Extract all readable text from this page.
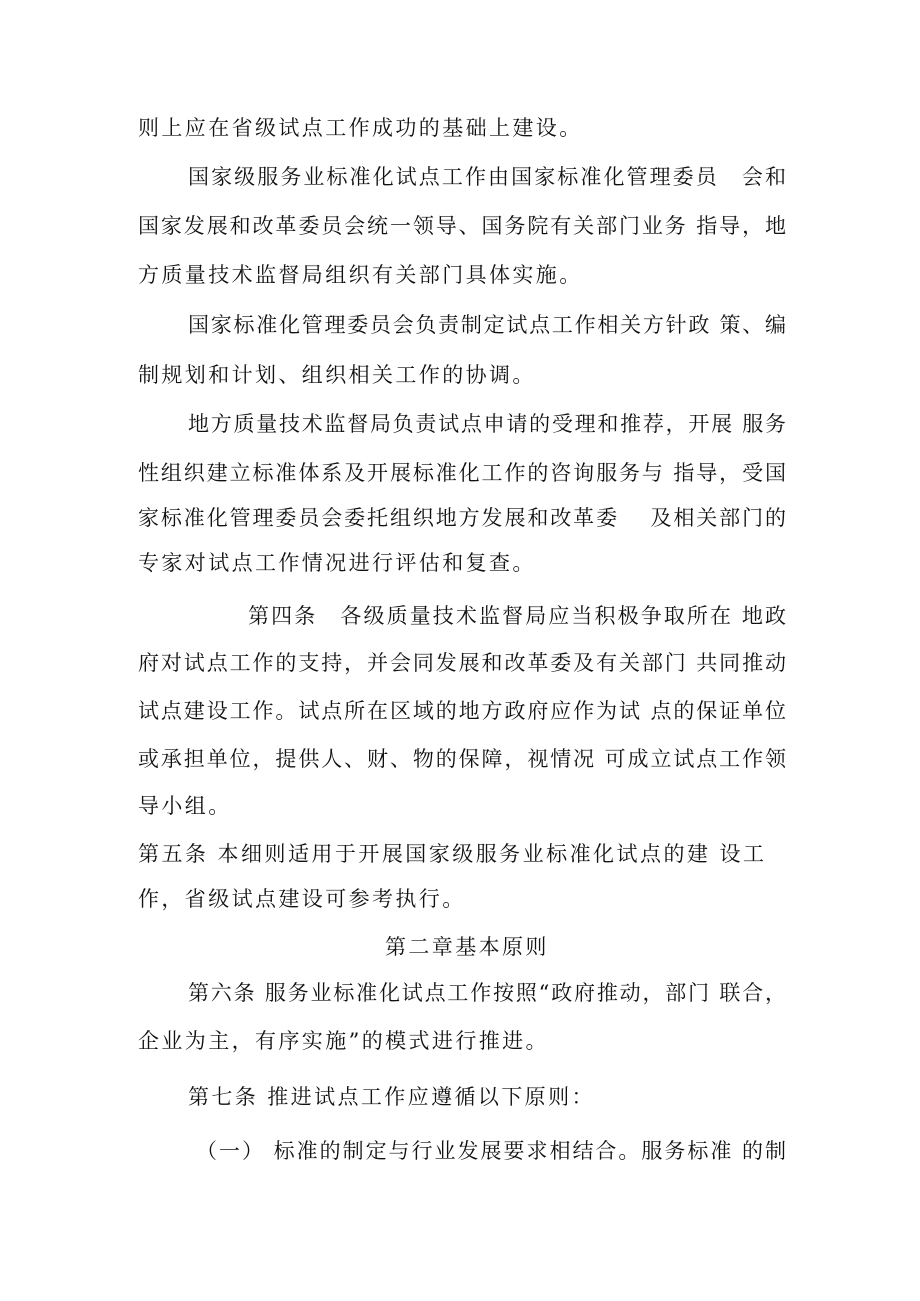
则上应在省级试点工作成功的基础上建设。
国家级服务业标准化试点工作由国家标准化管理委员　会和
国家发展和改革委员会统一领导、国务院有关部门业务 指导，地
方质量技术监督局组织有关部门具体实施。
国家标准化管理委员会负责制定试点工作相关方针政 策、编
制规划和计划、组织相关工作的协调。
地方质量技术监督局负责试点申请的受理和推荐，开展 服务
性组织建立标准体系及开展标准化工作的咨询服务与 指导，受国
家标准化管理委员会委托组织地方发展和改革委　 及相关部门的
专家对试点工作情况进行评估和复查。
第四条　各级质量技术监督局应当积极争取所在 地政
府对试点工作的支持，并会同发展和改革委及有关部门 共同推动
试点建设工作。试点所在区域的地方政府应作为试 点的保证单位
或承担单位，提供人、财、物的保障，视情况 可成立试点工作领
导小组。
第五条 本细则适用于开展国家级服务业标准化试点的建 设工
作，省级试点建设可参考执行。
第二章基本原则
第六条 服务业标准化试点工作按照“政府推动，部门 联合，
企业为主，有序实施”的模式进行推进。
第七条 推进试点工作应遵循以下原则：
（一） 标准的制定与行业发展要求相结合。服务标准 的制
